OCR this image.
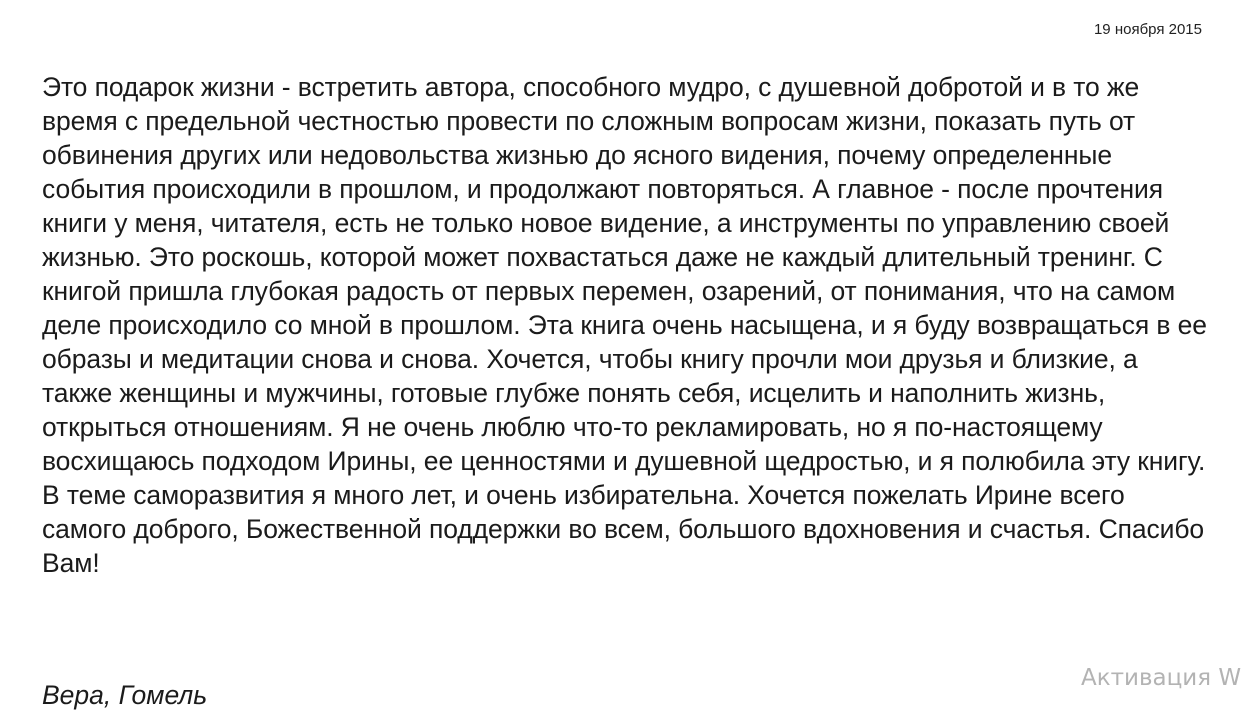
19 ноября 2015

Это подарок жизни - встретить автора, способного мудро, с душевной добротой и в то же время с предельной честностью провести по сложным вопросам жизни, показать путь от обвинения других или недовольства жизнью до ясного видения, почему определенные события происходили в прошлом, и продолжают повторяться. А главное - после прочтения книги у меня, читателя, есть не только новое видение, а инструменты по управлению своей жизнью. Это роскошь, которой может похвастаться даже не каждый длительный тренинг. С книгой пришла глубокая радость от первых перемен, озарений, от понимания, что на самом деле происходило со мной в прошлом. Эта книга очень насыщена, и я буду возвращаться в ее образы и медитации снова и снова. Хочется, чтобы книгу прочли мои друзья и близкие, а также женщины и мужчины, готовые глубже понять себя, исцелить и наполнить жизнь, открыться отношениям. Я не очень люблю что-то рекламировать, но я по-настоящему восхищаюсь подходом Ирины, ее ценностями и душевной щедростью, и я полюбила эту книгу. В теме саморазвития я много лет, и очень избирательна. Хочется пожелать Ирине всего самого доброго, Божественной поддержки во всем, большого вдохновения и счастья. Спасибо Вам!

Вера, Гомель
Активация W
